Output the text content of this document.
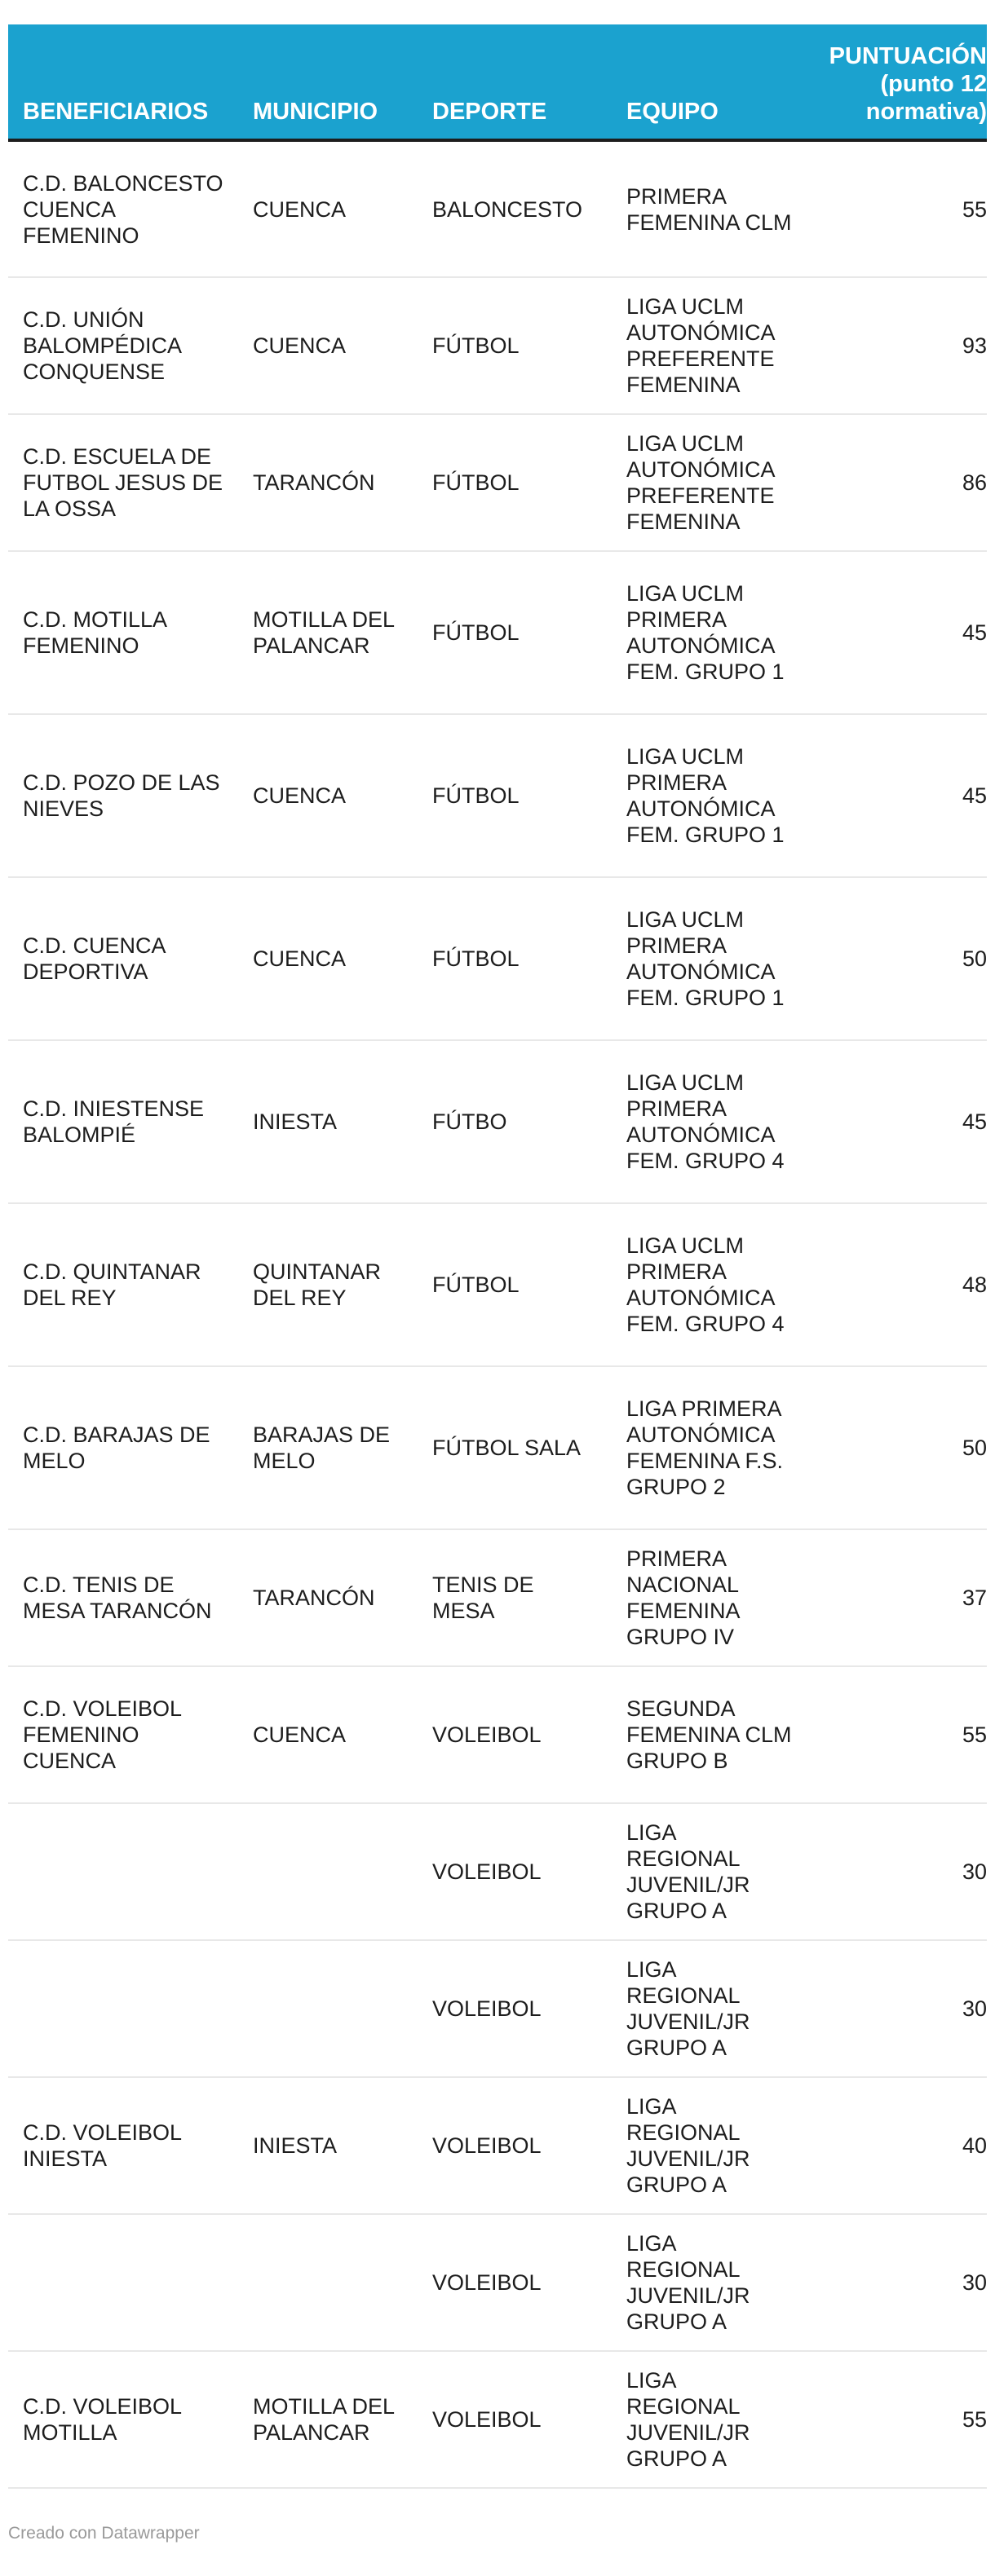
BENEFICIARIOS	MUNICIPIO	DEPORTE	EQUIPO	PUNTUACIÓN
(punto 12
normativa)
C.D. BALONCESTO CUENCA FEMENINO	CUENCA	BALONCESTO	PRIMERA FEMENINA CLM	55
C.D. UNIÓN BALOMPÉDICA CONQUENSE	CUENCA	FÚTBOL	LIGA UCLM AUTONÓMICA PREFERENTE FEMENINA	93
C.D. ESCUELA DE FUTBOL JESUS DE LA OSSA	TARANCÓN	FÚTBOL	LIGA UCLM AUTONÓMICA PREFERENTE FEMENINA	86
C.D. MOTILLA FEMENINO	MOTILLA DEL PALANCAR	FÚTBOL	LIGA UCLM PRIMERA AUTONÓMICA FEM. GRUPO 1	45
C.D. POZO DE LAS NIEVES	CUENCA	FÚTBOL	LIGA UCLM PRIMERA AUTONÓMICA FEM. GRUPO 1	45
C.D. CUENCA DEPORTIVA	CUENCA	FÚTBOL	LIGA UCLM PRIMERA AUTONÓMICA FEM. GRUPO 1	50
C.D. INIESTENSE BALOMPIÉ	INIESTA	FÚTBO	LIGA UCLM PRIMERA AUTONÓMICA FEM. GRUPO 4	45
C.D. QUINTANAR DEL REY	QUINTANAR DEL REY	FÚTBOL	LIGA UCLM PRIMERA AUTONÓMICA FEM. GRUPO 4	48
C.D. BARAJAS DE MELO	BARAJAS DE MELO	FÚTBOL SALA	LIGA PRIMERA AUTONÓMICA FEMENINA F.S. GRUPO 2	50
C.D. TENIS DE MESA TARANCÓN	TARANCÓN	TENIS DE MESA	PRIMERA NACIONAL FEMENINA GRUPO IV	37
C.D. VOLEIBOL FEMENINO CUENCA	CUENCA	VOLEIBOL	SEGUNDA FEMENINA CLM GRUPO B	55
		VOLEIBOL	LIGA REGIONAL JUVENIL/JR GRUPO A	30
		VOLEIBOL	LIGA REGIONAL JUVENIL/JR GRUPO A	30
C.D. VOLEIBOL INIESTA	INIESTA	VOLEIBOL	LIGA REGIONAL JUVENIL/JR GRUPO A	40
		VOLEIBOL	LIGA REGIONAL JUVENIL/JR GRUPO A	30
C.D. VOLEIBOL MOTILLA	MOTILLA DEL PALANCAR	VOLEIBOL	LIGA REGIONAL JUVENIL/JR GRUPO A	55
Creado con Datawrapper
